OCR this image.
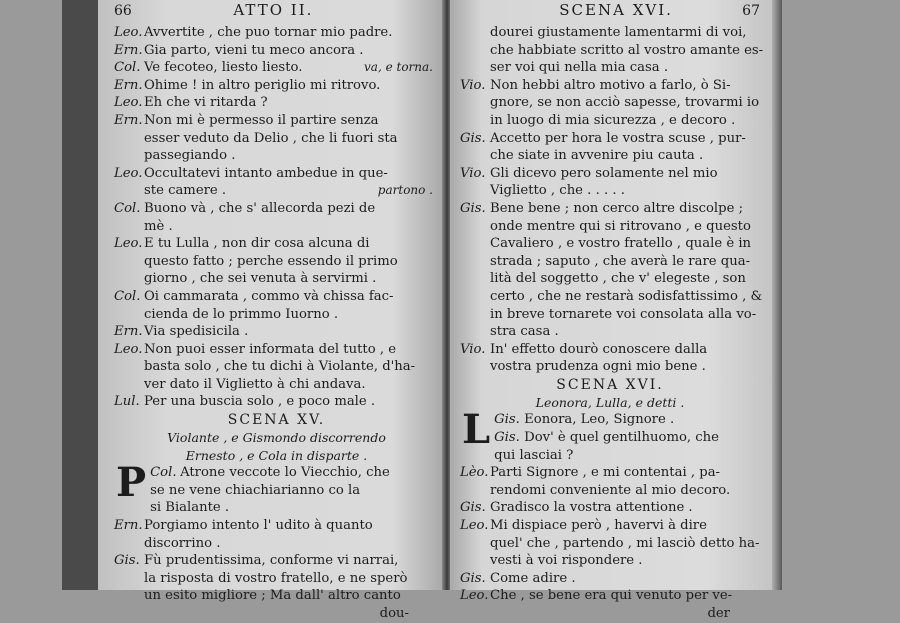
66	ATTO II.
Leo. Avvertite , che puo tornar mio padre.
Ern.Gia parto, vieni tu meco ancora .
Col. Ve fecoteo, liesto liesto.	va, e torna.
Ern.Ohime ! in altro periglio mi ritrovo.
Leo. Eh che vi ritarda ?
Ern.Non mi è permesso il partire senza
esser veduto da Delio , che li fuori sta
passegiando .
Leo. Occultatevi intanto ambedue in que-
ste camere .	partono .
Col. Buono và , che s' allecorda pezi de
mè .
Leo. E tu Lulla , non dir cosa alcuna di
questo fatto ; perche essendo il primo
giorno , che sei venuta à servirmi .
Col. Oi cammarata , commo và chissa fac-
cienda de lo primmo Iuorno .
Ern.Via spedisicila .
Leo. Non puoi esser informata del tutto , e
basta solo , che tu dichi à Violante, d'ha-
ver dato il Viglietto à chi andava.
Lul. Per una buscia solo , e poco male .
SCENA XV.
Violante , e Gismondo discorrendo
Ernesto , e Cola in disparte .
Col.
P	Atrone veccote lo Viecchio, che
se ne vene chiachiarianno co la
si Bialante .
Ern.Porgiamo intento l' udito à quanto
discorrino .
Gis. Fù prudentissima, conforme vi narrai,
la risposta di vostro fratello, e ne sperò
un esito migliore ; Ma dall' altro canto
dou-
SCENA XVI.	67
dourei giustamente lamentarmi di voi,
che habbiate scritto al vostro amante es-
ser voi qui nella mia casa .
Vio. Non hebbi altro motivo a farlo, ò Si-
gnore, se non acciò sapesse, trovarmi io
in luogo di mia sicurezza , e decoro .
Gis. Accetto per hora le vostra scuse , pur-
che siate in avvenire piu cauta .
Vio. Gli dicevo pero solamente nel mio
Viglietto , che . . . . .
Gis. Bene bene ; non cerco altre discolpe ;
onde mentre qui si ritrovano , e questo
Cavaliero , e vostro fratello , quale è in
strada ; saputo , che averà le rare qua-
lità del soggetto , che v' elegeste , son
certo , che ne restarà sodisfattissimo , &
in breve tornarete voi consolata alla vo-
stra casa .
Vio. In' effetto dourò conoscere dalla
vostra prudenza ogni mio bene .
SCENA XVI.
Leonora, Lulla, e detti .
Gis.
L	Eonora, Leo, Signore .
Gis. Dov' è quel gentilhuomo, che
qui lasciai ?
Lèo. Parti Signore , e mi contentai , pa-
rendomi conveniente al mio decoro.
Gis. Gradisco la vostra attentione .
Leo. Mi dispiace però , havervi à dire
quel' che , partendo , mi lasciò detto ha-
vesti à voi rispondere .
Gis. Come adire .
Leo. Che , se bene era qui venuto per ve-
der
